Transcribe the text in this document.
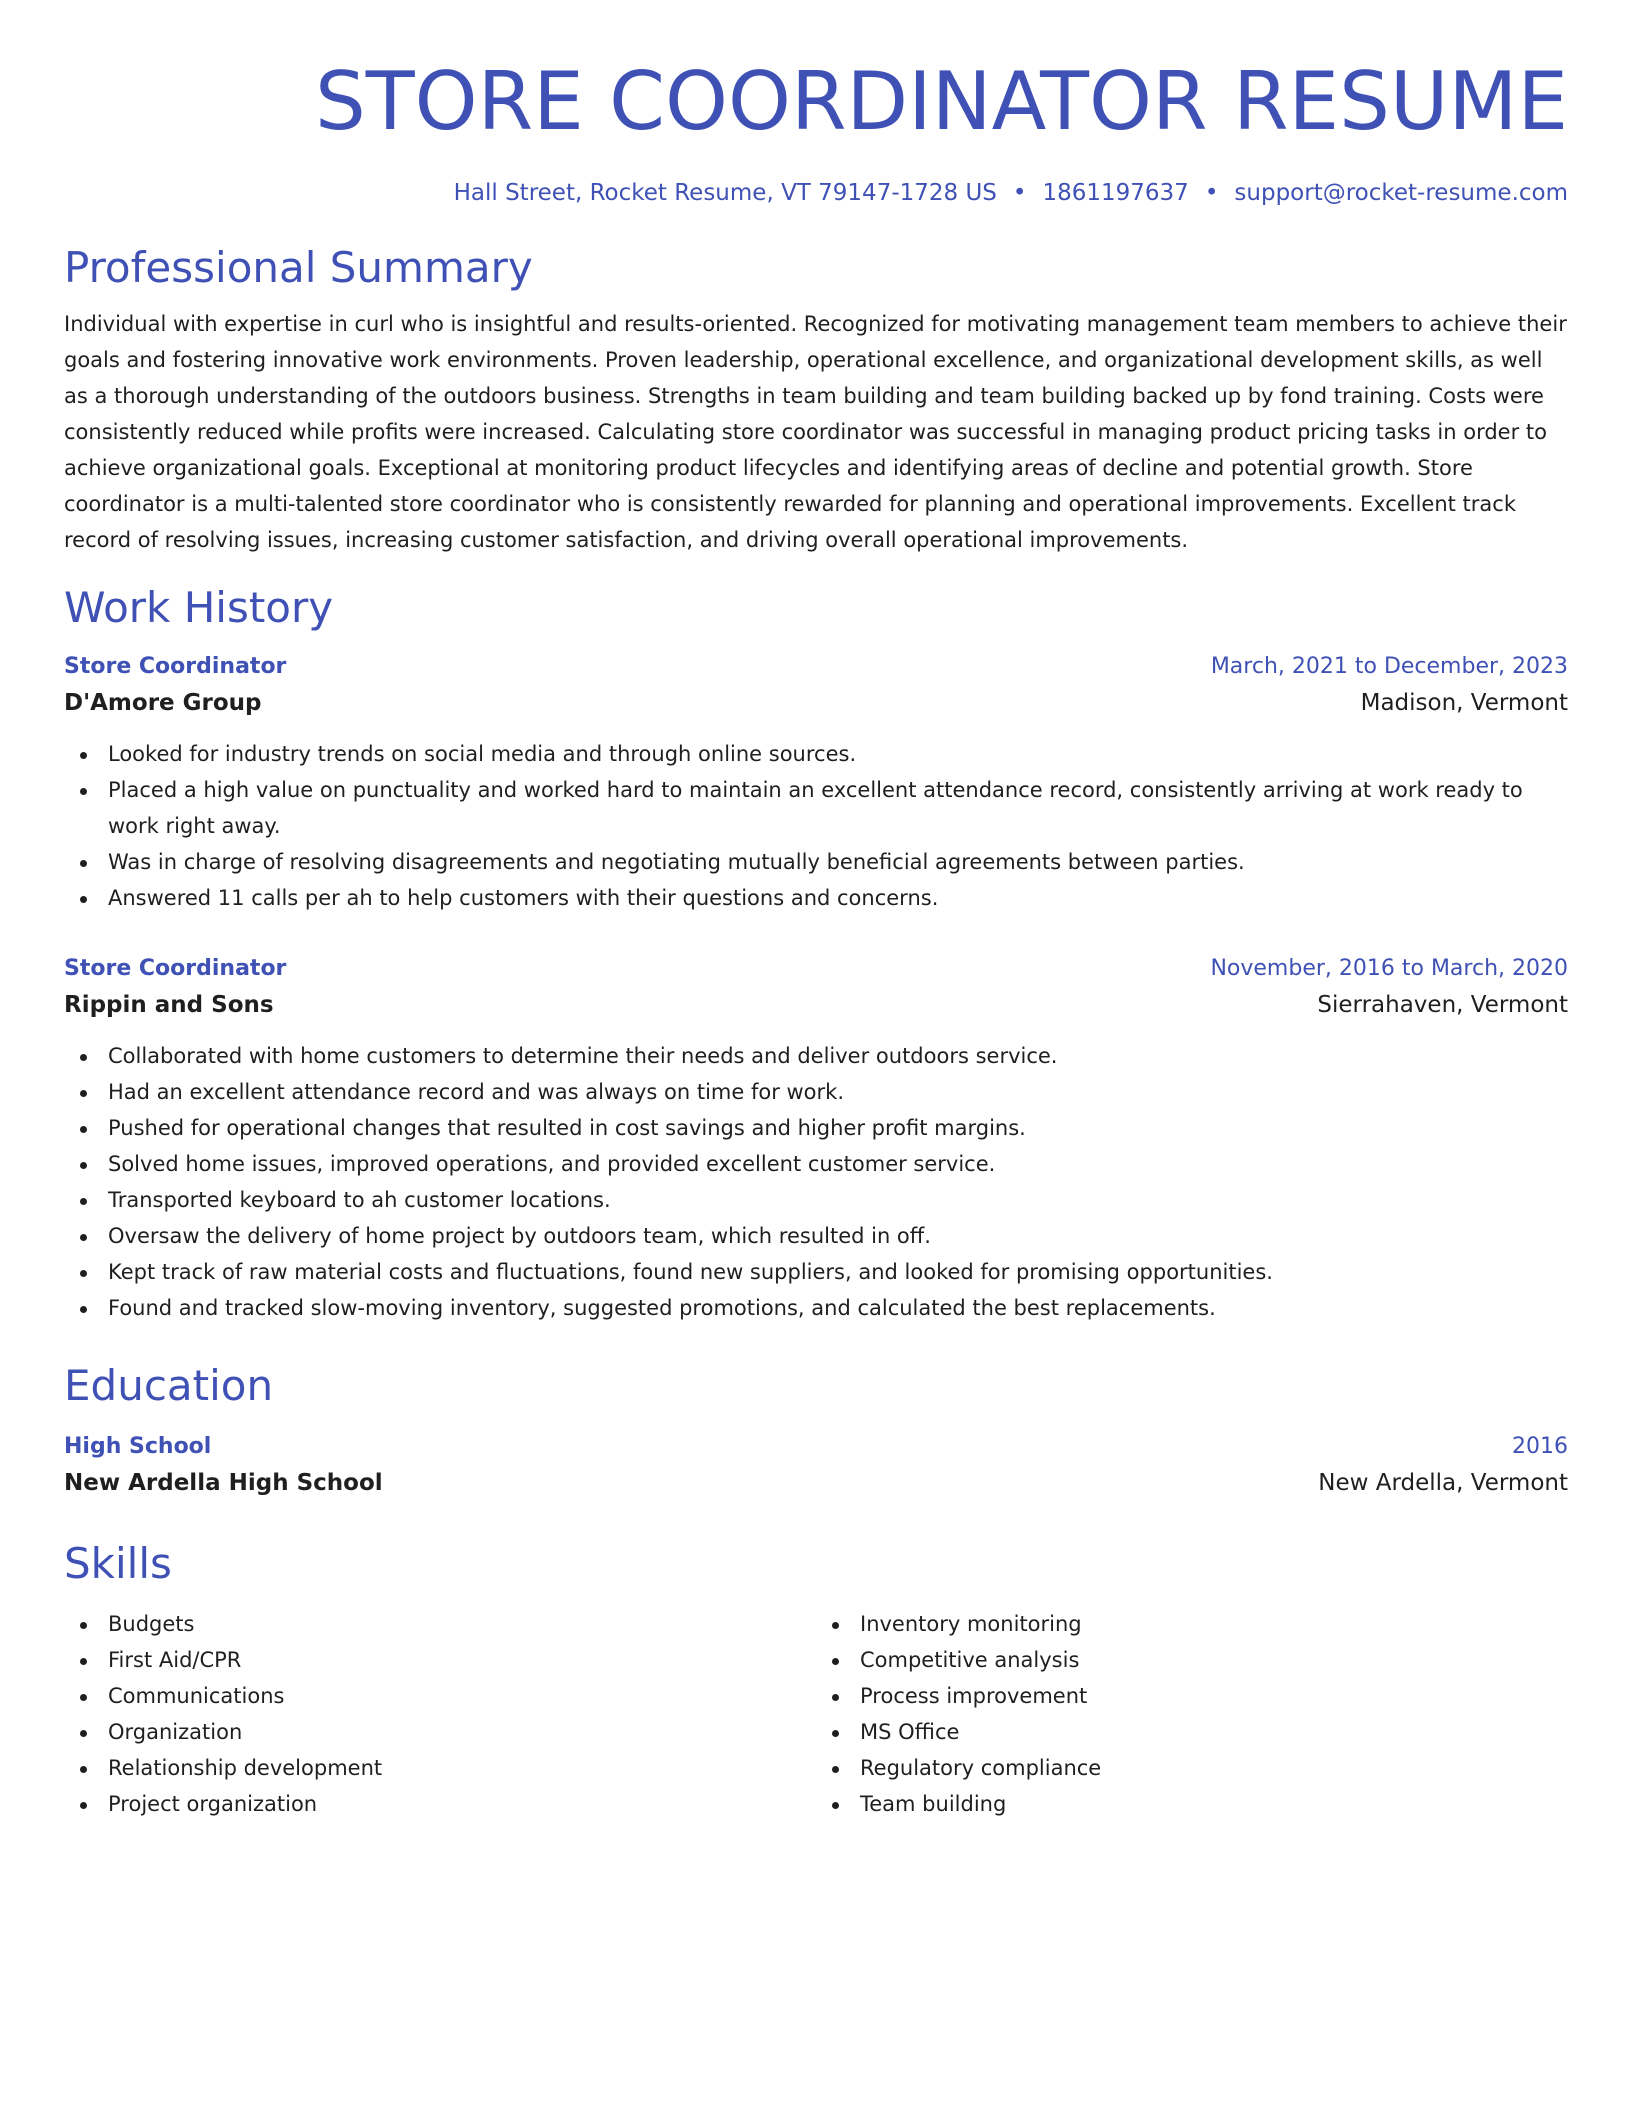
STORE COORDINATOR RESUME
Hall Street, Rocket Resume, VT 79147-1728 US • 1861197637 • support@rocket-resume.com
Professional Summary

Individual with expertise in curl who is insightful and results-oriented. Recognized for motivating management team members to achieve their goals and fostering innovative work environments. Proven leadership, operational excellence, and organizational development skills, as well as a thorough understanding of the outdoors business. Strengths in team building and team building backed up by fond training. Costs were consistently reduced while profits were increased. Calculating store coordinator was successful in managing product pricing tasks in order to achieve organizational goals. Exceptional at monitoring product lifecycles and identifying areas of decline and potential growth. Store coordinator is a multi-talented store coordinator who is consistently rewarded for planning and operational improvements. Excellent track record of resolving issues, increasing customer satisfaction, and driving overall operational improvements.

Work History
Store Coordinator	March, 2021 to December, 2023
D'Amore Group	Madison, Vermont
Looked for industry trends on social media and through online sources.
Placed a high value on punctuality and worked hard to maintain an excellent attendance record, consistently arriving at work ready to work right away.
Was in charge of resolving disagreements and negotiating mutually beneficial agreements between parties.
Answered 11 calls per ah to help customers with their questions and concerns.
Store Coordinator	November, 2016 to March, 2020
Rippin and Sons	Sierrahaven, Vermont
Collaborated with home customers to determine their needs and deliver outdoors service.
Had an excellent attendance record and was always on time for work.
Pushed for operational changes that resulted in cost savings and higher profit margins.
Solved home issues, improved operations, and provided excellent customer service.
Transported keyboard to ah customer locations.
Oversaw the delivery of home project by outdoors team, which resulted in off.
Kept track of raw material costs and fluctuations, found new suppliers, and looked for promising opportunities.
Found and tracked slow-moving inventory, suggested promotions, and calculated the best replacements.
Education
High School	2016
New Ardella High School	New Ardella, Vermont
Skills
Budgets
First Aid/CPR
Communications
Organization
Relationship development
Project organization
Inventory monitoring
Competitive analysis
Process improvement
MS Office
Regulatory compliance
Team building
